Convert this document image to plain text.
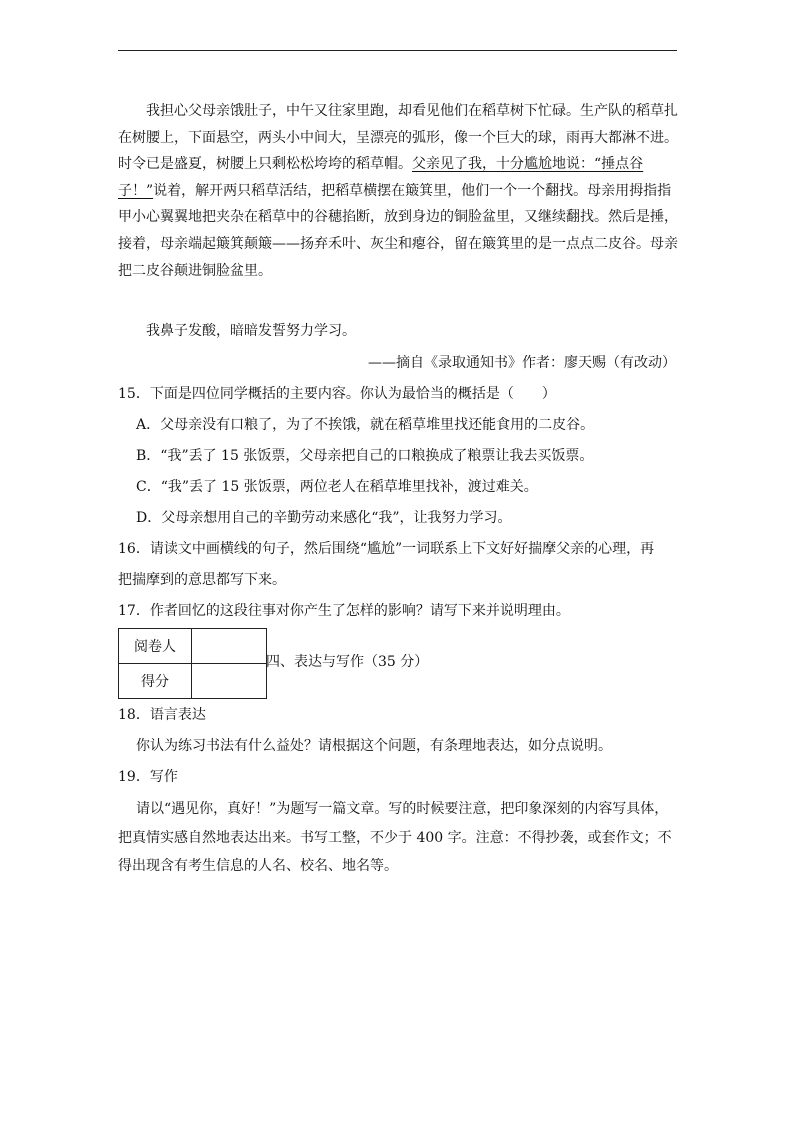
我担心父母亲饿肚子，中午又往家里跑，却看见他们在稻草树下忙碌。生产队的稻草扎在树腰上，下面悬空，两头小中间大，呈漂亮的弧形，像一个巨大的球，雨再大都淋不进。时令已是盛夏，树腰上只剩松松垮垮的稻草帽。父亲见了我，十分尴尬地说：“捶点谷子！”说着，解开两只稻草活结，把稻草横摆在簸箕里，他们一个一个翻找。母亲用拇指指甲小心翼翼地把夹杂在稻草中的谷穗掐断，放到身边的铜脸盆里，又继续翻找。然后是捶，接着，母亲端起簸箕颠簸——扬弃禾叶、灰尘和瘪谷，留在簸箕里的是一点点二皮谷。母亲把二皮谷颠进铜脸盆里。

我鼻子发酸，暗暗发誓努力学习。

——摘自《录取通知书》作者：廖天赐（有改动）
15．下面是四位同学概括的主要内容。你认为最恰当的概括是（　　）
A．父母亲没有口粮了，为了不挨饿，就在稻草堆里找还能食用的二皮谷。
B．“我”丢了 15 张饭票，父母亲把自己的口粮换成了粮票让我去买饭票。
C．“我”丢了 15 张饭票，两位老人在稻草堆里找补，渡过难关。
D．父母亲想用自己的辛勤劳动来感化“我”，让我努力学习。
16．请读文中画横线的句子，然后围绕“尴尬”一词联系上下文好好揣摩父亲的心理，再
把揣摩到的意思都写下来。
17．作者回忆的这段往事对你产生了怎样的影响？请写下来并说明理由。
阅卷人	
得分	
四、表达与写作（35 分）
18．语言表达
你认为练习书法有什么益处？请根据这个问题，有条理地表达，如分点说明。
19．写作

请以“遇见你，真好！”为题写一篇文章。写的时候要注意，把印象深刻的内容写具体，把真情实感自然地表达出来。书写工整，不少于 400 字。注意：不得抄袭，或套作文；不得出现含有考生信息的人名、校名、地名等。
